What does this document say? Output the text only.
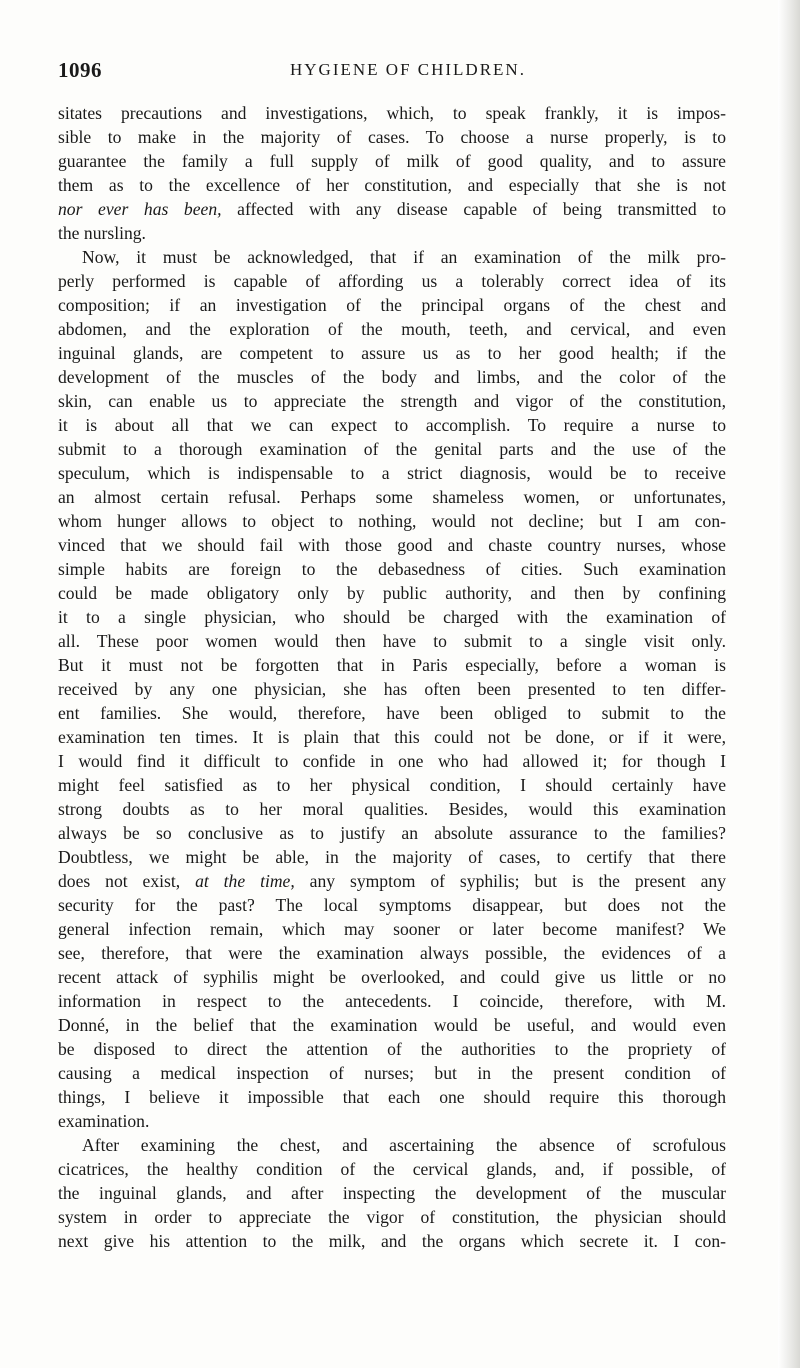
1096	HYGIENE OF CHILDREN.
sitates precautions and investigations, which, to speak frankly, it is impos-
sible to make in the majority of cases. To choose a nurse properly, is to
guarantee the family a full supply of milk of good quality, and to assure
them as to the excellence of her constitution, and especially that she is not
nor ever has been, affected with any disease capable of being transmitted to
the nursling.
Now, it must be acknowledged, that if an examination of the milk pro-
perly performed is capable of affording us a tolerably correct idea of its
composition; if an investigation of the principal organs of the chest and
abdomen, and the exploration of the mouth, teeth, and cervical, and even
inguinal glands, are competent to assure us as to her good health; if the
development of the muscles of the body and limbs, and the color of the
skin, can enable us to appreciate the strength and vigor of the constitution,
it is about all that we can expect to accomplish. To require a nurse to
submit to a thorough examination of the genital parts and the use of the
speculum, which is indispensable to a strict diagnosis, would be to receive
an almost certain refusal. Perhaps some shameless women, or unfortunates,
whom hunger allows to object to nothing, would not decline; but I am con-
vinced that we should fail with those good and chaste country nurses, whose
simple habits are foreign to the debasedness of cities. Such examination
could be made obligatory only by public authority, and then by confining
it to a single physician, who should be charged with the examination of
all. These poor women would then have to submit to a single visit only.
But it must not be forgotten that in Paris especially, before a woman is
received by any one physician, she has often been presented to ten differ-
ent families. She would, therefore, have been obliged to submit to the
examination ten times. It is plain that this could not be done, or if it were,
I would find it difficult to confide in one who had allowed it; for though I
might feel satisfied as to her physical condition, I should certainly have
strong doubts as to her moral qualities. Besides, would this examination
always be so conclusive as to justify an absolute assurance to the families?
Doubtless, we might be able, in the majority of cases, to certify that there
does not exist, at the time, any symptom of syphilis; but is the present any
security for the past? The local symptoms disappear, but does not the
general infection remain, which may sooner or later become manifest? We
see, therefore, that were the examination always possible, the evidences of a
recent attack of syphilis might be overlooked, and could give us little or no
information in respect to the antecedents. I coincide, therefore, with M.
Donné, in the belief that the examination would be useful, and would even
be disposed to direct the attention of the authorities to the propriety of
causing a medical inspection of nurses; but in the present condition of
things, I believe it impossible that each one should require this thorough
examination.
After examining the chest, and ascertaining the absence of scrofulous
cicatrices, the healthy condition of the cervical glands, and, if possible, of
the inguinal glands, and after inspecting the development of the muscular
system in order to appreciate the vigor of constitution, the physician should
next give his attention to the milk, and the organs which secrete it. I con-
